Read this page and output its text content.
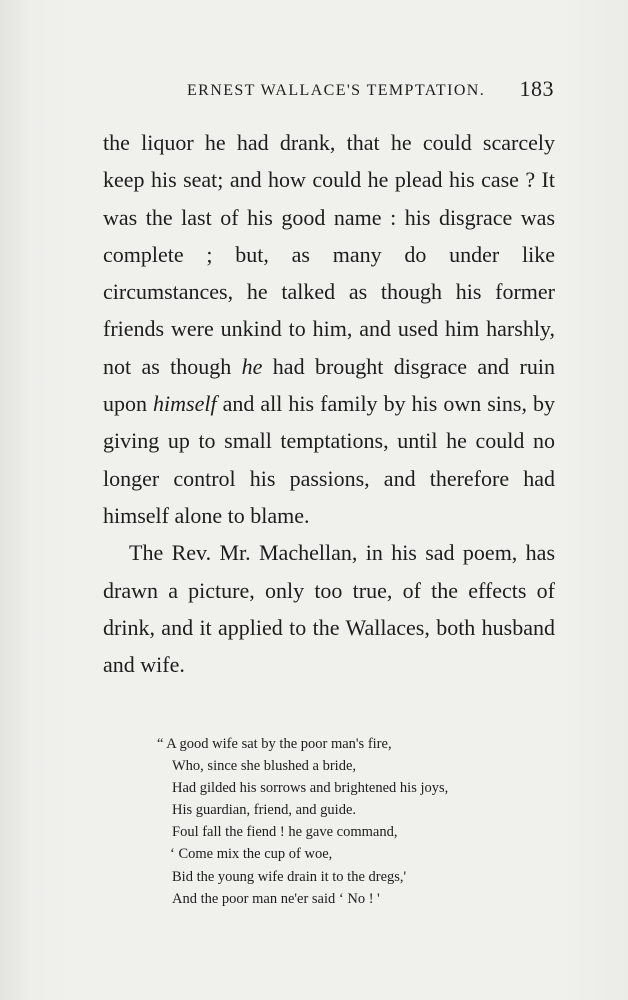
ERNEST WALLACE'S TEMPTATION. 183

the liquor he had drank, that he could scarcely keep his seat; and how could he plead his case ? It was the last of his good name : his disgrace was complete ; but, as many do under like circumstances, he talked as though his former friends were unkind to him, and used him harshly, not as though he had brought disgrace and ruin upon himself and all his family by his own sins, by giving up to small temptations, until he could no longer control his passions, and therefore had himself alone to blame.

The Rev. Mr. Machellan, in his sad poem, has drawn a picture, only too true, of the effects of drink, and it applied to the Wallaces, both husband and wife.

“ A good wife sat by the poor man's fire,
Who, since she blushed a bride,
Had gilded his sorrows and brightened his joys,
His guardian, friend, and guide.
Foul fall the fiend ! he gave command,
‘ Come mix the cup of woe,
Bid the young wife drain it to the dregs,'
And the poor man ne'er said ‘ No ! '
